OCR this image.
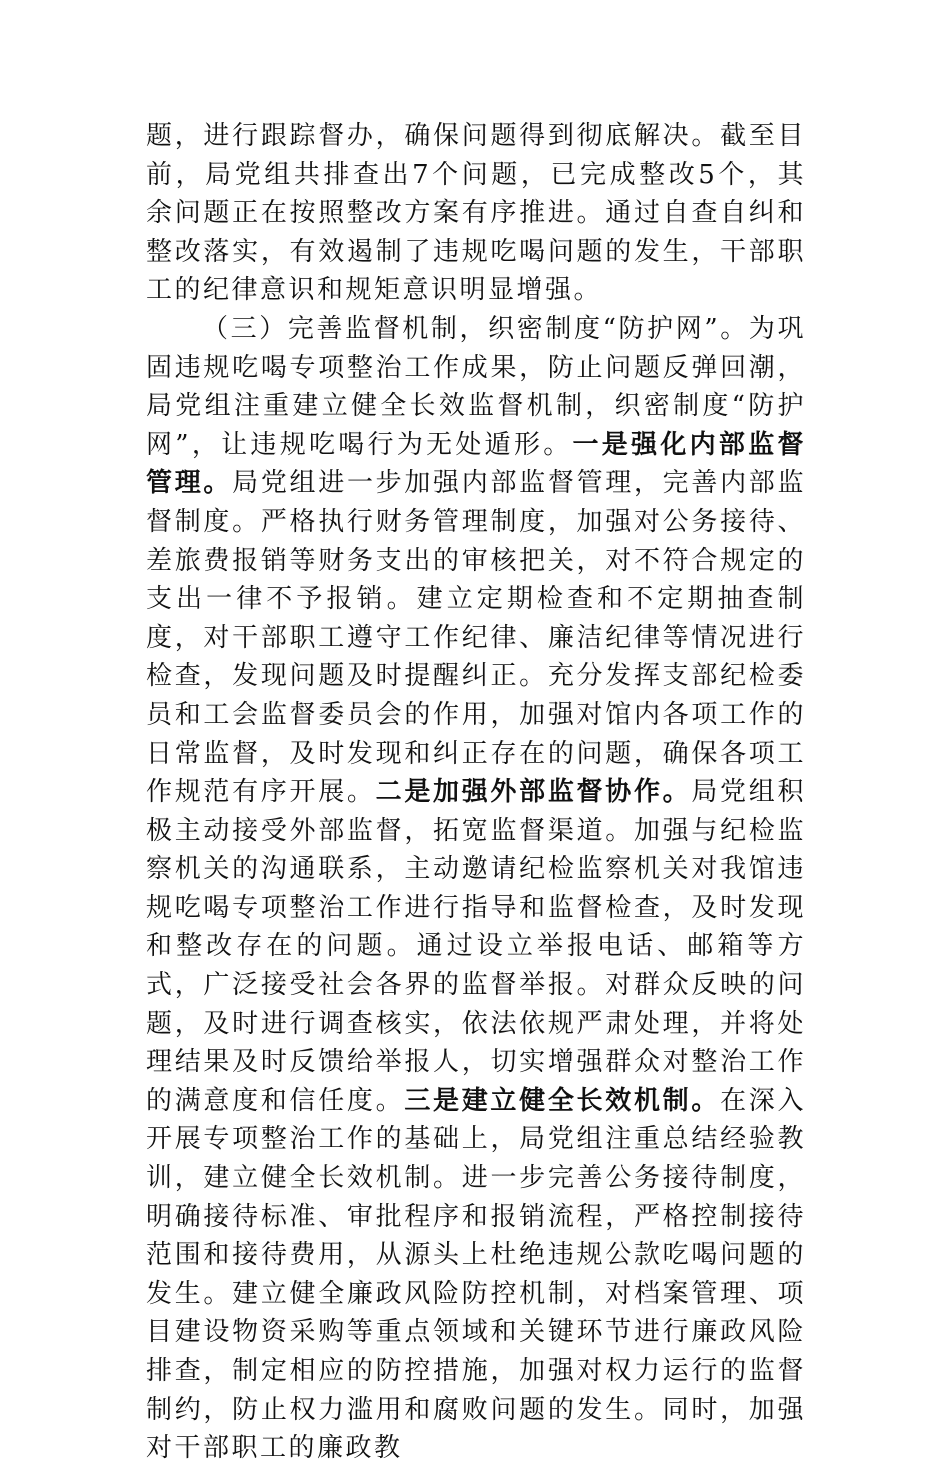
题，进行跟踪督办，确保问题得到彻底解决。截至目前，局党组共排查出7个问题，已完成整改5个，其余问题正在按照整改方案有序推进。通过自查自纠和整改落实，有效遏制了违规吃喝问题的发生，干部职工的纪律意识和规矩意识明显增强。

（三）完善监督机制，织密制度“防护网”。为巩固违规吃喝专项整治工作成果，防止问题反弹回潮，局党组注重建立健全长效监督机制，织密制度“防护网”，让违规吃喝行为无处遁形。一是强化内部监督管理。局党组进一步加强内部监督管理，完善内部监督制度。严格执行财务管理制度，加强对公务接待、差旅费报销等财务支出的审核把关，对不符合规定的支出一律不予报销。建立定期检查和不定期抽查制度，对干部职工遵守工作纪律、廉洁纪律等情况进行检查，发现问题及时提醒纠正。充分发挥支部纪检委员和工会监督委员会的作用，加强对馆内各项工作的日常监督，及时发现和纠正存在的问题，确保各项工作规范有序开展。二是加强外部监督协作。局党组积极主动接受外部监督，拓宽监督渠道。加强与纪检监察机关的沟通联系，主动邀请纪检监察机关对我馆违规吃喝专项整治工作进行指导和监督检查，及时发现和整改存在的问题。通过设立举报电话、邮箱等方式，广泛接受社会各界的监督举报。对群众反映的问题，及时进行调查核实，依法依规严肃处理，并将处理结果及时反馈给举报人，切实增强群众对整治工作的满意度和信任度。三是建立健全长效机制。在深入开展专项整治工作的基础上，局党组注重总结经验教训，建立健全长效机制。进一步完善公务接待制度，明确接待标准、审批程序和报销流程，严格控制接待范围和接待费用，从源头上杜绝违规公款吃喝问题的发生。建立健全廉政风险防控机制，对档案管理、项目建设物资采购等重点领域和关键环节进行廉政风险排查，制定相应的防控措施，加强对权力运行的监督制约，防止权力滥用和腐败问题的发生。同时，加强对干部职工的廉政教
